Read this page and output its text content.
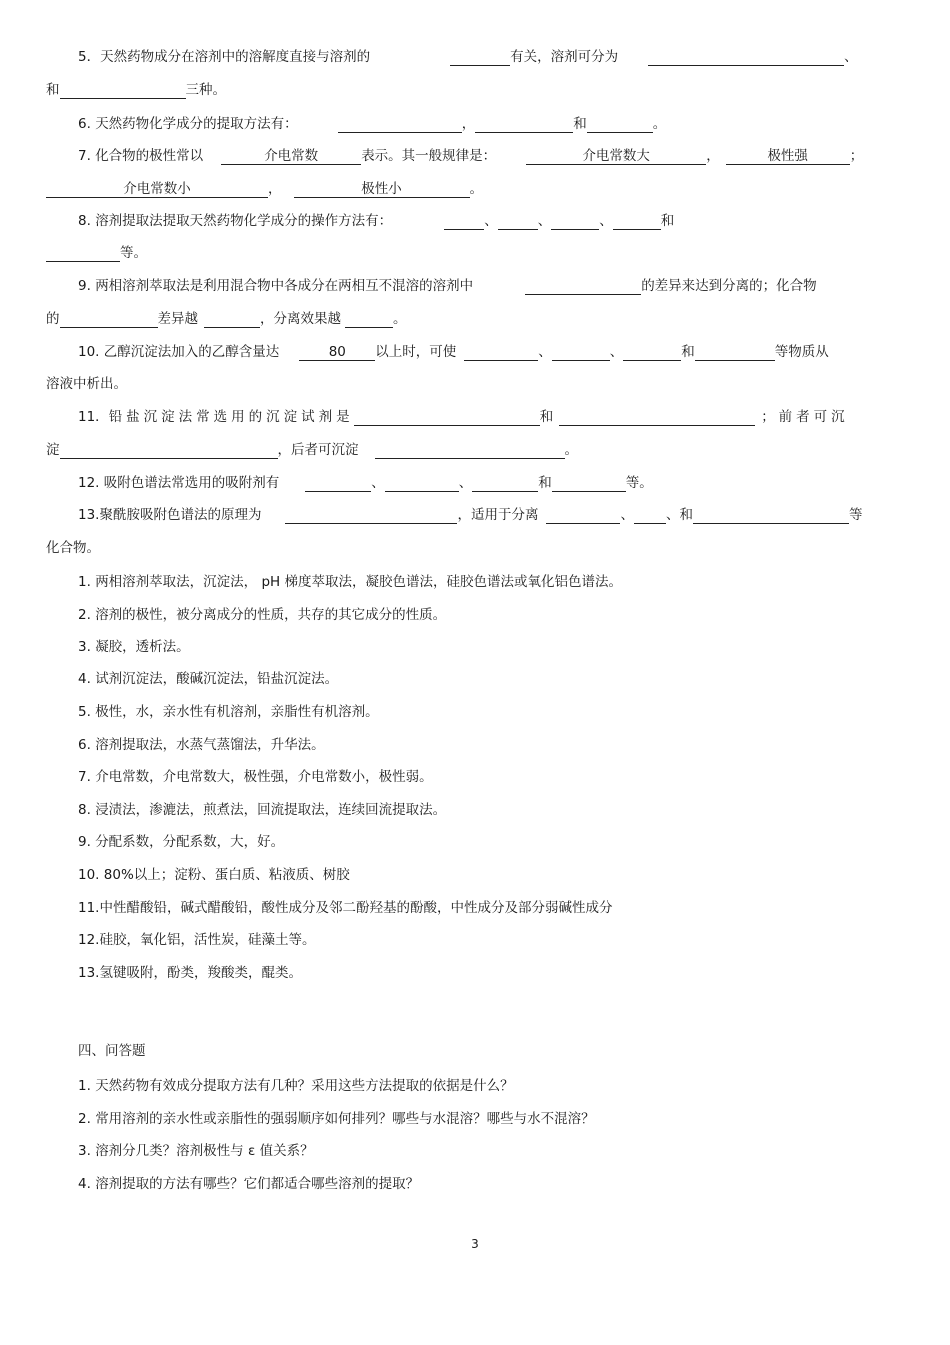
5．天然药物成分在溶剂中的溶解度直接与溶剂的	有关，溶剂可分为	、
和	三种。
6. 天然药物化学成分的提取方法有：	，	和	。
7. 化合物的极性常以	介电常数	表示。其一般规律是：	介电常数大	，	极性强	；
介电常数小	，	极性小	。
8. 溶剂提取法提取天然药物化学成分的操作方法有：	、	、	、	和
等。
9. 两相溶剂萃取法是利用混合物中各成分在两相互不混溶的溶剂中	的差异来达到分离的；化合物
的	差异越	，分离效果越	。
10. 乙醇沉淀法加入的乙醇含量达	80 以上时，可使	、	、	和	等物质从
溶液中析出。
11．铅盐沉淀法常选用的沉淀试剂是	和	；前者可沉
淀	，后者可沉淀	。
12. 吸附色谱法常选用的吸附剂有	、	、	和	等。
13.聚酰胺吸附色谱法的原理为	，适用于分离	、 、和	等
化合物。
1. 两相溶剂萃取法，沉淀法， pH 梯度萃取法，凝胶色谱法，硅胶色谱法或氧化铝色谱法。
2. 溶剂的极性，被分离成分的性质，共存的其它成分的性质。
3. 凝胶，透析法。
4. 试剂沉淀法，酸碱沉淀法，铅盐沉淀法。
5. 极性，水，亲水性有机溶剂，亲脂性有机溶剂。
6. 溶剂提取法，水蒸气蒸馏法，升华法。
7. 介电常数，介电常数大，极性强，介电常数小，极性弱。
8. 浸渍法，渗漉法，煎煮法，回流提取法，连续回流提取法。
9. 分配系数，分配系数，大，好。
10. 80%以上；淀粉、蛋白质、粘液质、树胶
11.中性醋酸铅，碱式醋酸铅，酸性成分及邻二酚羟基的酚酸，中性成分及部分弱碱性成分
12.硅胶，氧化铝，活性炭，硅藻土等。
13.氢键吸附，酚类，羧酸类，醌类。
四、问答题
1. 天然药物有效成分提取方法有几种？采用这些方法提取的依据是什么？
2. 常用溶剂的亲水性或亲脂性的强弱顺序如何排列？哪些与水混溶？哪些与水不混溶？
3. 溶剂分几类？溶剂极性与 ε 值关系？
4. 溶剂提取的方法有哪些？它们都适合哪些溶剂的提取？
3
